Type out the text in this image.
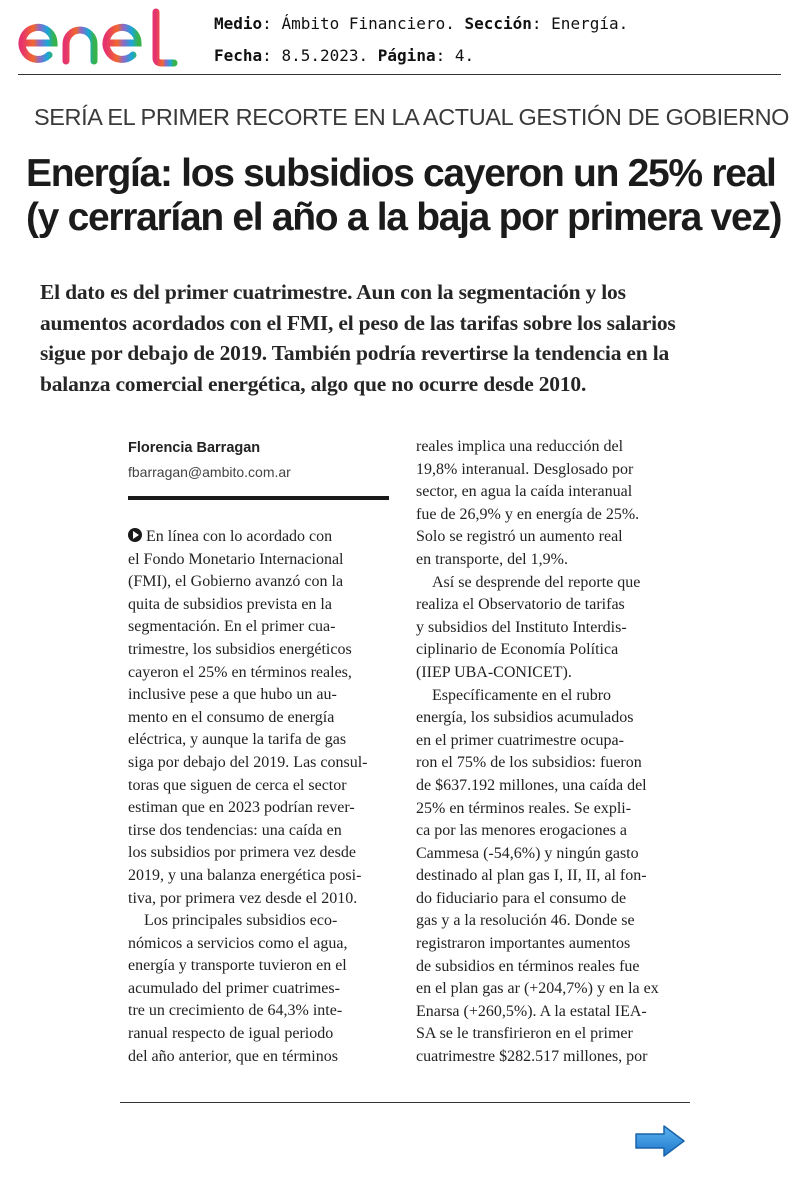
Medio: Ámbito Financiero. Sección: Energía.
Fecha: 8.5.2023. Página: 4.
SERÍA EL PRIMER RECORTE EN LA ACTUAL GESTIÓN DE GOBIERNO
Energía: los subsidios cayeron un 25% real
(y cerrarían el año a la baja por primera vez)
El dato es del primer cuatrimestre. Aun con la segmentación y los
aumentos acordados con el FMI, el peso de las tarifas sobre los salarios
sigue por debajo de 2019. También podría revertirse la tendencia en la
balanza comercial energética, algo que no ocurre desde 2010.
Florencia Barragan
fbarragan@ambito.com.ar
En línea con lo acordado con
el Fondo Monetario Internacional
(FMI), el Gobierno avanzó con la
quita de subsidios prevista en la
segmentación. En el primer cua-
trimestre, los subsidios energéticos
cayeron el 25% en términos reales,
inclusive pese a que hubo un au-
mento en el consumo de energía
eléctrica, y aunque la tarifa de gas
siga por debajo del 2019. Las consul-
toras que siguen de cerca el sector
estiman que en 2023 podrían rever-
tirse dos tendencias: una caída en
los subsidios por primera vez desde
2019, y una balanza energética posi-
tiva, por primera vez desde el 2010.
Los principales subsidios eco-
nómicos a servicios como el agua,
energía y transporte tuvieron en el
acumulado del primer cuatrimes-
tre un crecimiento de 64,3% inte-
ranual respecto de igual periodo
del año anterior, que en términos
reales implica una reducción del
19,8% interanual. Desglosado por
sector, en agua la caída interanual
fue de 26,9% y en energía de 25%.
Solo se registró un aumento real
en transporte, del 1,9%.
Así se desprende del reporte que
realiza el Observatorio de tarifas
y subsidios del Instituto Interdis-
ciplinario de Economía Política
(IIEP UBA-CONICET).
Específicamente en el rubro
energía, los subsidios acumulados
en el primer cuatrimestre ocupa-
ron el 75% de los subsidios: fueron
de $637.192 millones, una caída del
25% en términos reales. Se expli-
ca por las menores erogaciones a
Cammesa (-54,6%) y ningún gasto
destinado al plan gas I, II, II, al fon-
do fiduciario para el consumo de
gas y a la resolución 46. Donde se
registraron importantes aumentos
de subsidios en términos reales fue
en el plan gas ar (+204,7%) y en la ex
Enarsa (+260,5%). A la estatal IEA-
SA se le transfirieron en el primer
cuatrimestre $282.517 millones, por
